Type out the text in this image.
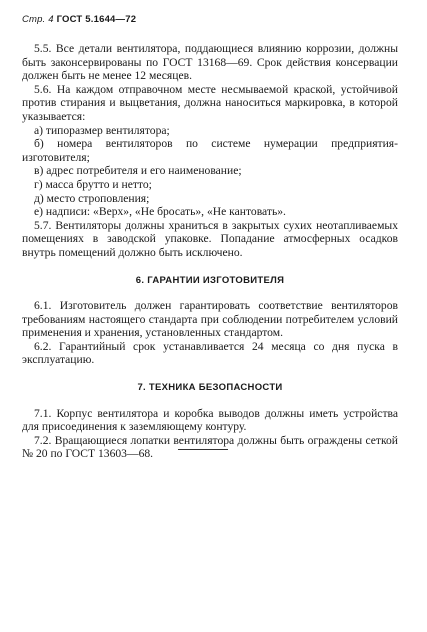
Стр. 4 ГОСТ 5.1644—72

5.5. Все детали вентилятора, поддающиеся влиянию коррозии, должны быть законсервированы по ГОСТ 13168—69. Срок действия консервации должен быть не менее 12 месяцев.

5.6. На каждом отправочном месте несмываемой краской, устойчивой против стирания и выцветания, должна наноситься маркировка, в которой указывается:

а) типоразмер вентилятора;

б) номера вентиляторов по системе нумерации предприятия-изготовителя;

в) адрес потребителя и его наименование;

г) масса брутто и нетто;

д) место строповления;

е) надписи: «Верх», «Не бросать», «Не кантовать».

5.7. Вентиляторы должны храниться в закрытых сухих неотапливаемых помещениях в заводской упаковке. Попадание атмосферных осадков внутрь помещений должно быть исключено.

6. ГАРАНТИИ ИЗГОТОВИТЕЛЯ

6.1. Изготовитель должен гарантировать соответствие вентиляторов требованиям настоящего стандарта при соблюдении потребителем условий применения и хранения, установленных стандартом.

6.2. Гарантийный срок устанавливается 24 месяца со дня пуска в эксплуатацию.

7. ТЕХНИКА БЕЗОПАСНОСТИ

7.1. Корпус вентилятора и коробка выводов должны иметь устройства для присоединения к заземляющему контуру.

7.2. Вращающиеся лопатки вентилятора должны быть ограждены сеткой № 20 по ГОСТ 13603—68.
